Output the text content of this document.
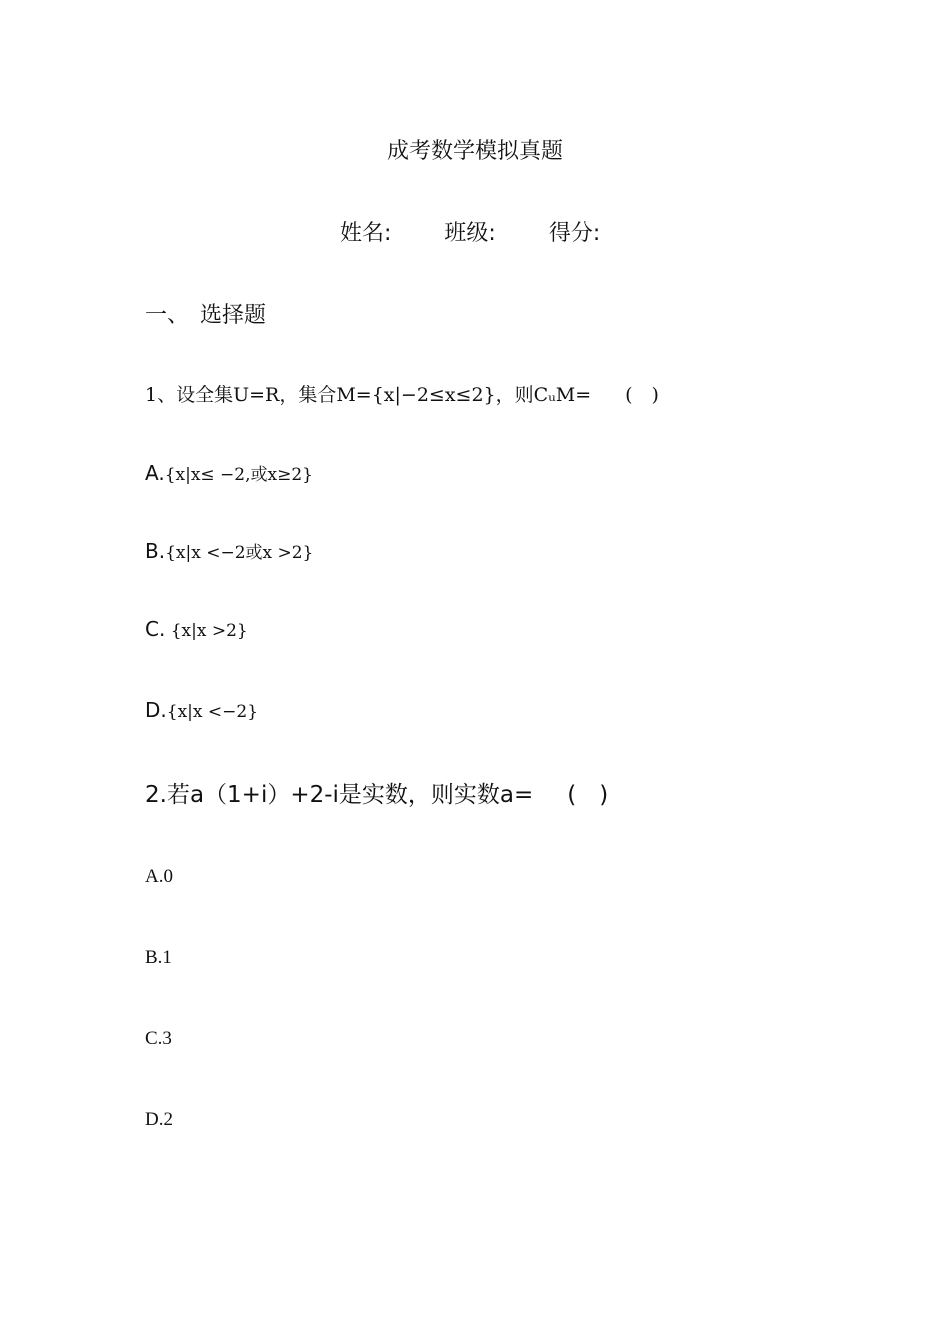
成考数学模拟真题
姓名: 班级: 得分:
一、　选择题
1、设全集U=R，集合M={x|−2≤x≤2}，则CᵤM= (　)
A.{x|x≤ −2,或x≥2}
B.{x|x <−2或x >2}
C. {x|x >2}
D.{x|x <−2}
2.若a（1+i）+2-i是实数，则实数a= (　)
A.0
B.1
C.3
D.2
